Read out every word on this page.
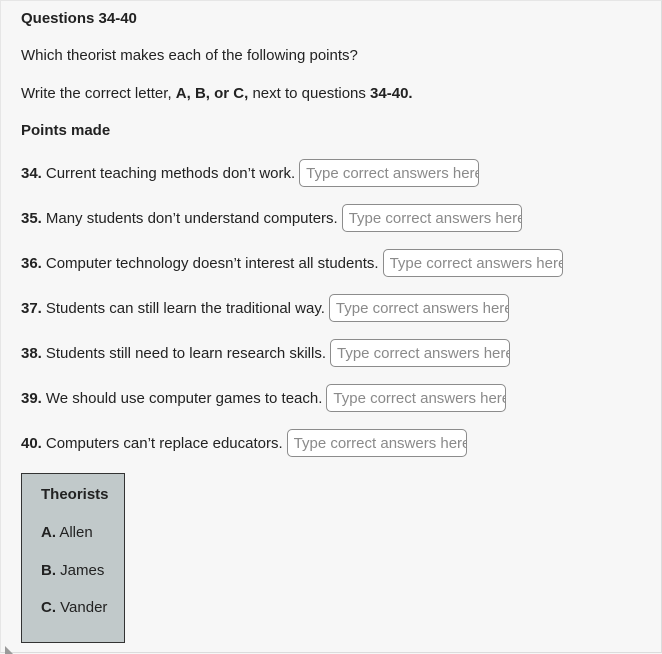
Questions 34-40
Which theorist makes each of the following points?
Write the correct letter, A, B, or C, next to questions 34-40.
Points made
34. Current teaching methods don’t work.
Type correct answers here
35. Many students don’t understand computers.
Type correct answers here
36. Computer technology doesn’t interest all students.
Type correct answers here
37. Students can still learn the traditional way.
Type correct answers here
38. Students still need to learn research skills.
Type correct answers here
39. We should use computer games to teach.
Type correct answers here
40. Computers can’t replace educators.
Type correct answers here
Theorists
A. Allen
B. James
C. Vander
